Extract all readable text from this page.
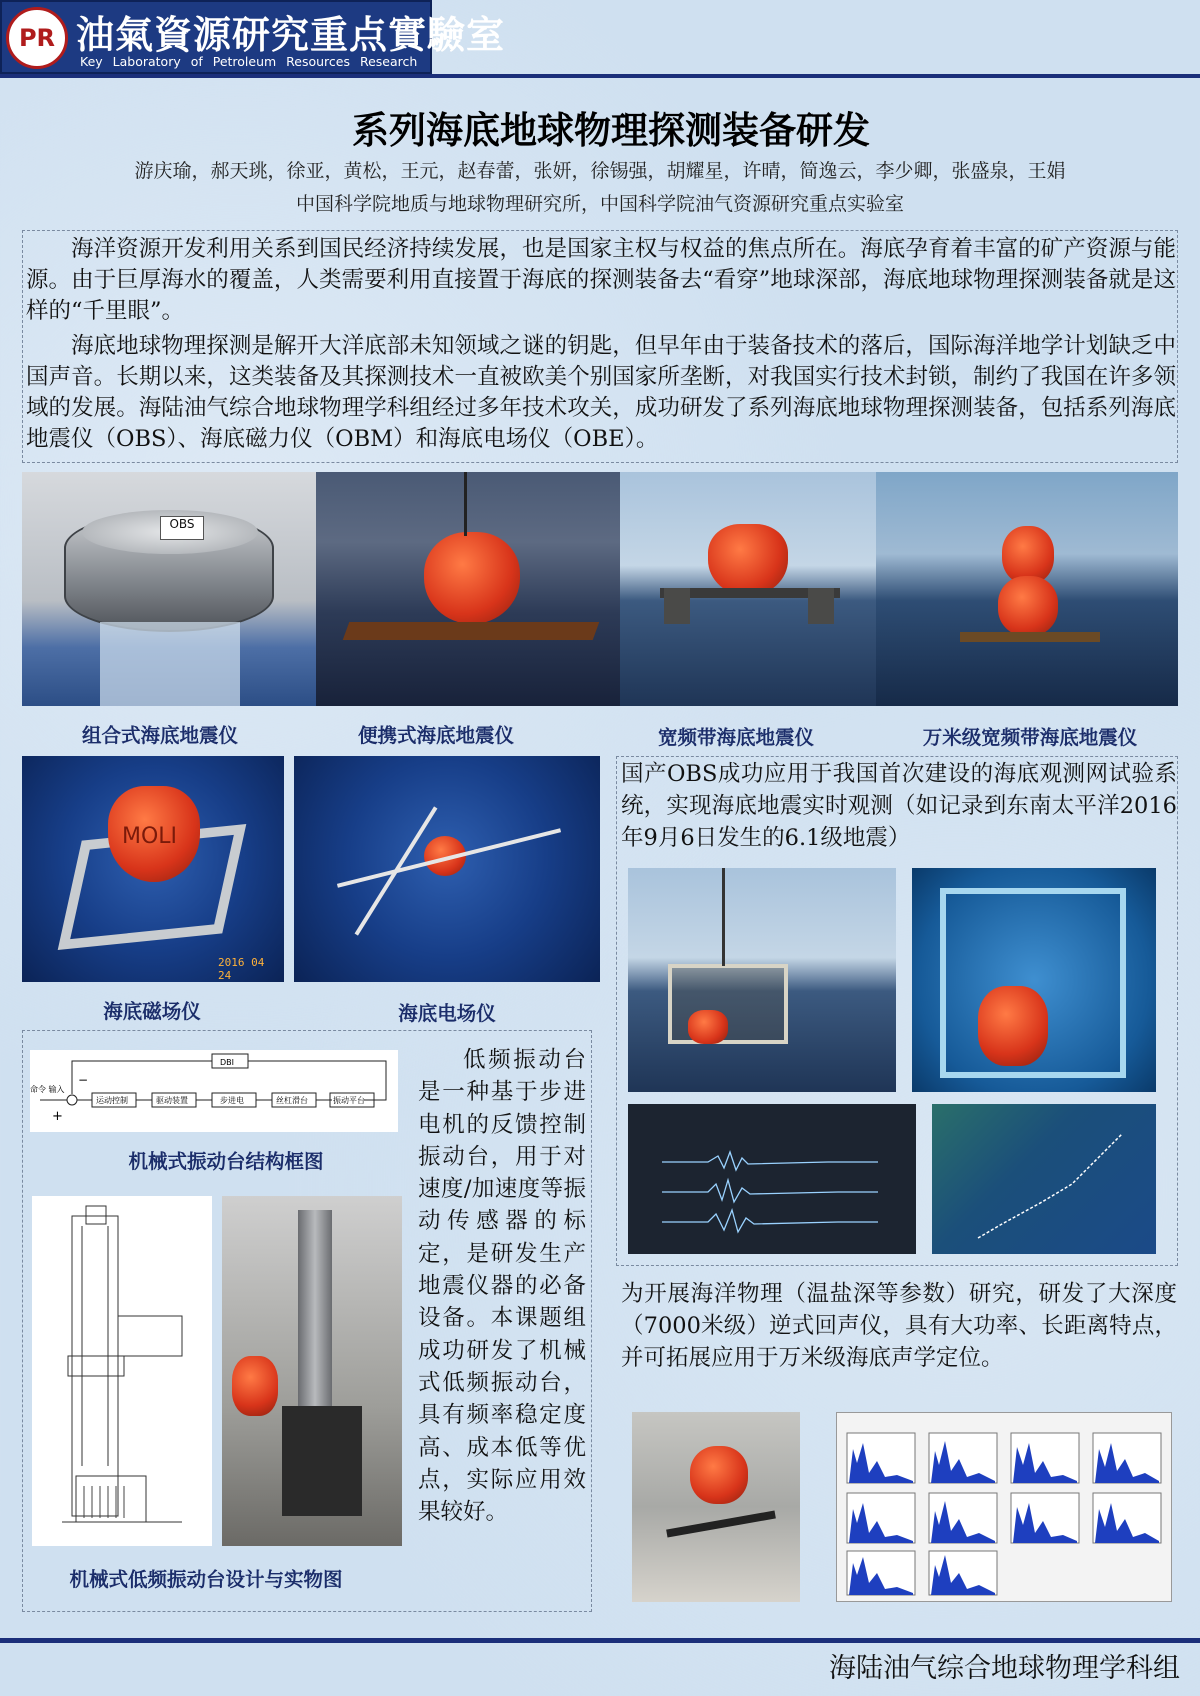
PR 油氣資源研究重点實驗室
Key Laboratory of Petroleum Resources Research
系列海底地球物理探测装备研发
游庆瑜，郝天珧，徐亚，黄松，王元，赵春蕾，张妍，徐锡强，胡耀星，许晴，简逸云，李少卿，张盛泉，王娟
中国科学院地质与地球物理研究所，中国科学院油气资源研究重点实验室

海洋资源开发利用关系到国民经济持续发展，也是国家主权与权益的焦点所在。海底孕育着丰富的矿产资源与能源。由于巨厚海水的覆盖，人类需要利用直接置于海底的探测装备去“看穿”地球深部，海底地球物理探测装备就是这样的“千里眼”。

海底地球物理探测是解开大洋底部未知领域之谜的钥匙，但早年由于装备技术的落后，国际海洋地学计划缺乏中国声音。长期以来，这类装备及其探测技术一直被欧美个别国家所垄断，对我国实行技术封锁，制约了我国在许多领域的发展。海陆油气综合地球物理学科组经过多年技术攻关，成功研发了系列海底地球物理探测装备，包括系列海底地震仪（OBS）、海底磁力仪（OBM）和海底电场仪（OBE）。

OBS
组合式海底地震仪	便携式海底地震仪	宽频带海底地震仪	万米级宽频带海底地震仪
MOLI
2016 04 24
海底磁场仪	海底电场仪

国产OBS成功应用于我国首次建设的海底观测网试验系统，实现海底地震实时观测（如记录到东南太平洋2016年9月6日发生的6.1级地震）

为开展海洋物理（温盐深等参数）研究，研发了大深度（7000米级）逆式回声仪，具有大功率、长距离特点，并可拓展应用于万米级海底声学定位。

DBI
运动控制	驱动装置	步进电	丝杠滑台	振动平台
命令 输入
+
−
机械式振动台结构框图
机械式低频振动台设计与实物图

低频振动台是一种基于步进电机的反馈控制振动台，用于对速度/加速度等振动传感器的标定，是研发生产地震仪器的必备设备。本课题组成功研发了机械式低频振动台，具有频率稳定度高、成本低等优点，实际应用效果较好。

海陆油气综合地球物理学科组
